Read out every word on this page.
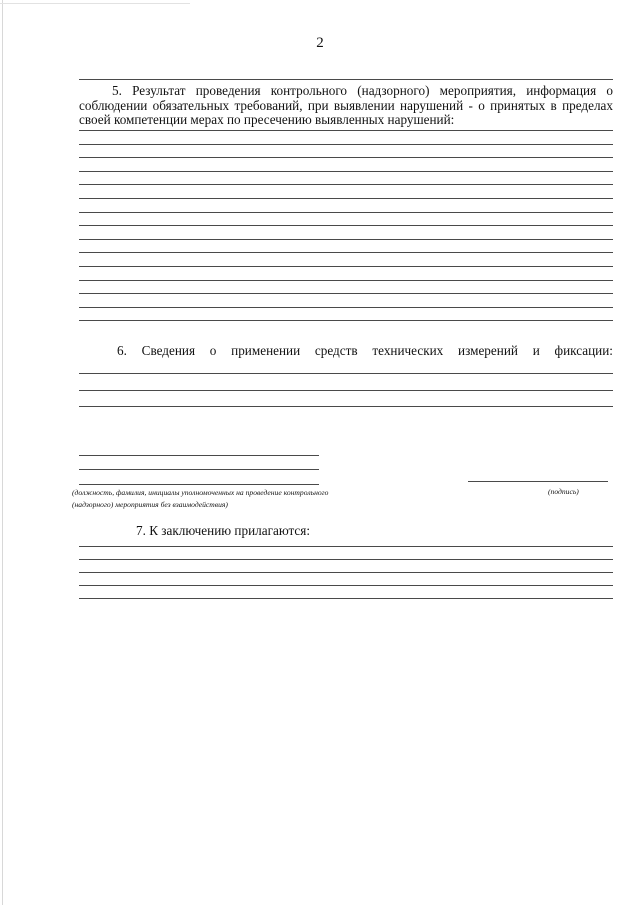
2
5. Результат проведения контрольного (надзорного) мероприятия, информация о соблюдении обязательных требований, при выявлении нарушений - о принятых в пределах своей компетенции мерах по пресечению выявленных нарушений:
6. Сведения о применении средств технических измерений и фиксации:
(должность, фамилия, инициалы уполномоченных на проведение контрольного (надзорного) мероприятия без взаимодействия)
(подпись)
7. К заключению прилагаются:
